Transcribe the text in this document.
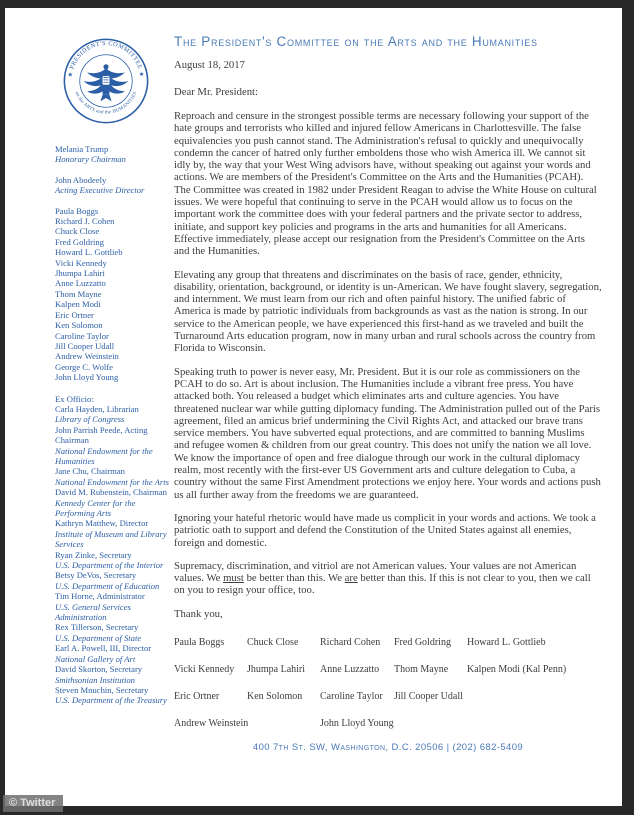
★ PRESIDENT'S COMMITTEE ★
on the ARTS and the HUMANITIES
Melania Trump
Honorary Chairman
John Abodeely
Acting Executive Director
Paula Boggs
Richard J. Cohen
Chuck Close
Fred Goldring
Howard L. Gottlieb
Vicki Kennedy
Jhumpa Lahiri
Anne Luzzatto
Thom Mayne
Kalpen Modi
Eric Ortner
Ken Solomon
Caroline Taylor
Jill Cooper Udall
Andrew Weinstein
George C. Wolfe
John Lloyd Young
Ex Officio:
Carla Hayden, Librarian
Library of Congress
John Parrish Peede, Acting Chairman
National Endowment for the Humanities
Jane Chu, Chairman
National Endowment for the Arts
David M. Rubenstein, Chairman
Kennedy Center for the Performing Arts
Kathryn Matthew, Director
Institute of Museum and Library Services
Ryan Zinke, Secretary
U.S. Department of the Interior
Betsy DeVos, Secretary
U.S. Department of Education
Tim Horne, Administrator
U.S. General Services Administration
Rex Tillerson, Secretary
U.S. Department of State
Earl A. Powell, III, Director
National Gallery of Art
David Skorton, Secretary
Smithsonian Institution
Steven Mnuchin, Secretary
U.S. Department of the Treasury
The President's Committee on the Arts and the Humanities
August 18, 2017
Dear Mr. President:

Reproach and censure in the strongest possible terms are necessary following your support of the hate groups and terrorists who killed and injured fellow Americans in Charlottesville. The false equivalencies you push cannot stand. The Administration's refusal to quickly and unequivocally condemn the cancer of hatred only further emboldens those who wish America ill. We cannot sit idly by, the way that your West Wing advisors have, without speaking out against your words and actions. We are members of the President's Committee on the Arts and the Humanities (PCAH). The Committee was created in 1982 under President Reagan to advise the White House on cultural issues. We were hopeful that continuing to serve in the PCAH would allow us to focus on the important work the committee does with your federal partners and the private sector to address, initiate, and support key policies and programs in the arts and humanities for all Americans. Effective immediately, please accept our resignation from the President's Committee on the Arts and the Humanities.

Elevating any group that threatens and discriminates on the basis of race, gender, ethnicity, disability, orientation, background, or identity is un-American. We have fought slavery, segregation, and internment. We must learn from our rich and often painful history. The unified fabric of America is made by patriotic individuals from backgrounds as vast as the nation is strong. In our service to the American people, we have experienced this first-hand as we traveled and built the Turnaround Arts education program, now in many urban and rural schools across the country from Florida to Wisconsin.

Speaking truth to power is never easy, Mr. President. But it is our role as commissioners on the PCAH to do so. Art is about inclusion. The Humanities include a vibrant free press. You have attacked both. You released a budget which eliminates arts and culture agencies. You have threatened nuclear war while gutting diplomacy funding. The Administration pulled out of the Paris agreement, filed an amicus brief undermining the Civil Rights Act, and attacked our brave trans service members. You have subverted equal protections, and are committed to banning Muslims and refugee women & children from our great country. This does not unify the nation we all love. We know the importance of open and free dialogue through our work in the cultural diplomacy realm, most recently with the first-ever US Government arts and culture delegation to Cuba, a country without the same First Amendment protections we enjoy here. Your words and actions push us all further away from the freedoms we are guaranteed.

Ignoring your hateful rhetoric would have made us complicit in your words and actions. We took a patriotic oath to support and defend the Constitution of the United States against all enemies, foreign and domestic.

Supremacy, discrimination, and vitriol are not American values. Your values are not American values. We must be better than this. We are better than this. If this is not clear to you, then we call on you to resign your office, too.

Thank you,
Paula Boggs	Chuck Close	Richard Cohen	Fred Goldring	Howard L. Gottlieb
Vicki Kennedy	Jhumpa Lahiri	Anne Luzzatto	Thom Mayne	Kalpen Modi (Kal Penn)
Eric Ortner	Ken Solomon	Caroline Taylor	Jill Cooper Udall
Andrew Weinstein	John Lloyd Young
400 7th St. SW, Washington, D.C. 20506 | (202) 682-5409
© Twitter
